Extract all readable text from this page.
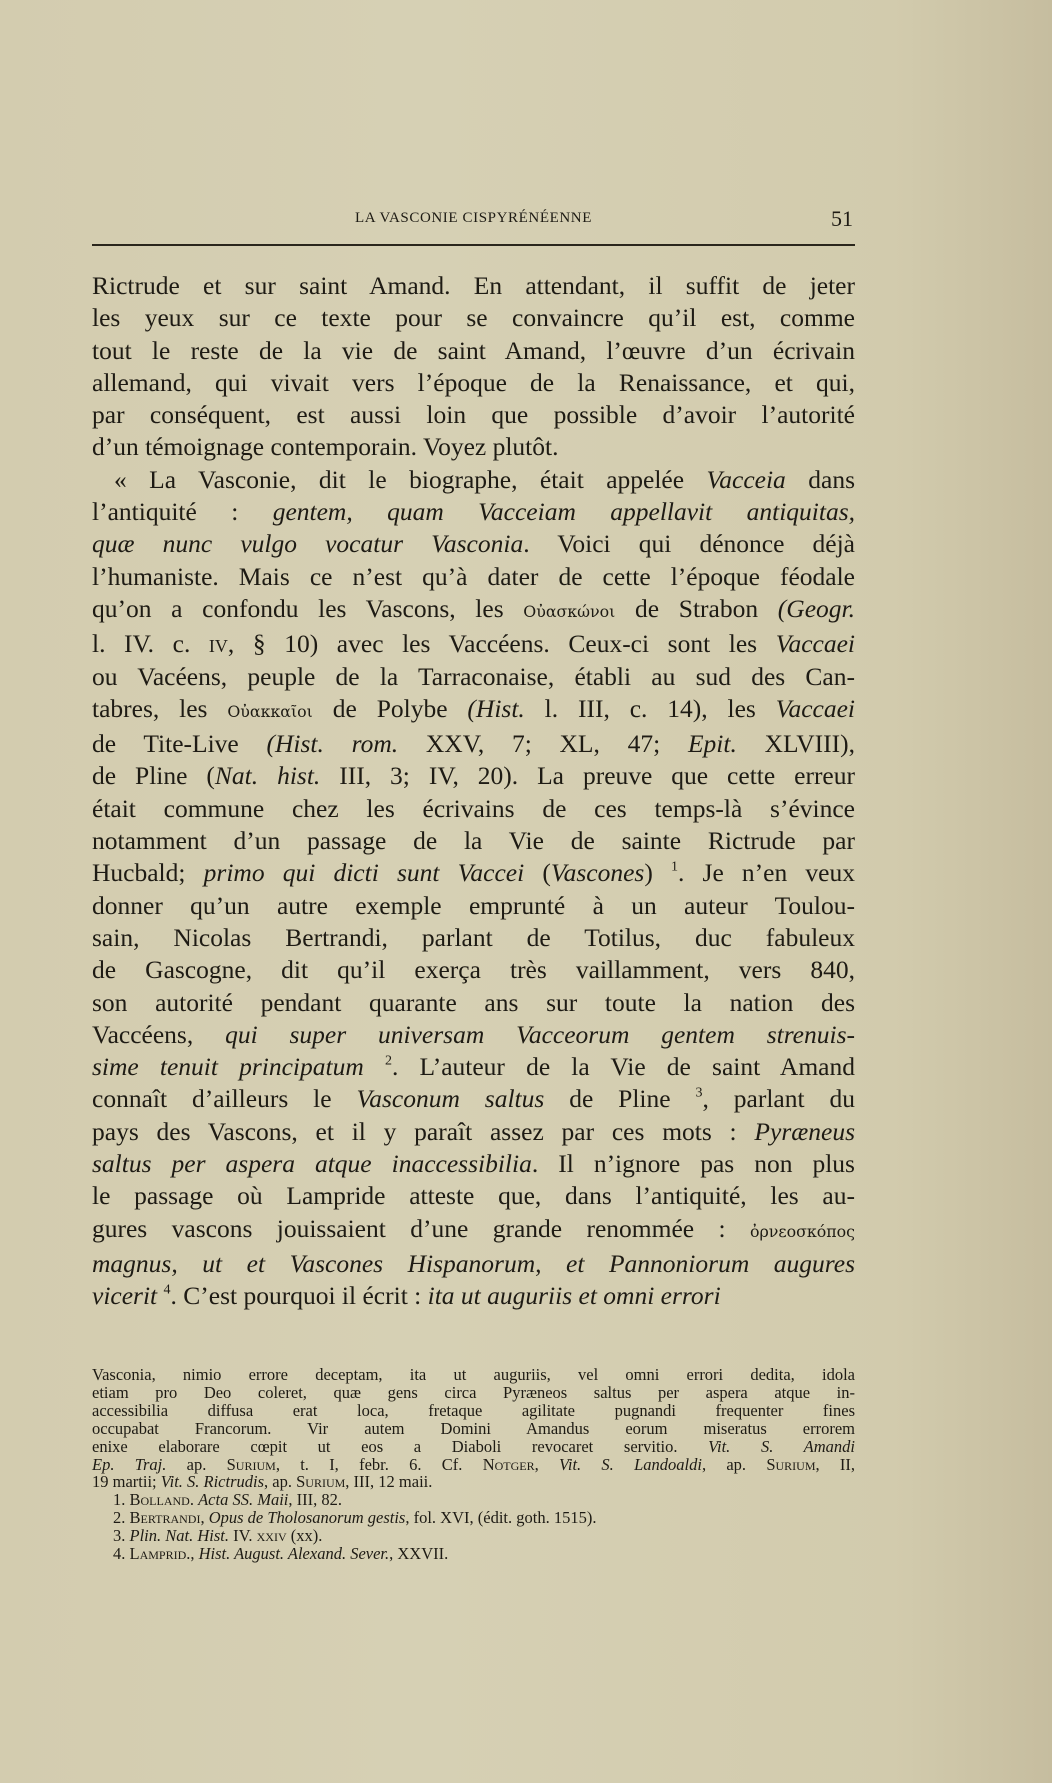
LA VASCONIE CISPYRÉNÉENNE	51
Rictrude et sur saint Amand. En attendant, il suffit de jeter
les yeux sur ce texte pour se convaincre qu’il est, comme
tout le reste de la vie de saint Amand, l’œuvre d’un écrivain
allemand, qui vivait vers l’époque de la Renaissance, et qui,
par conséquent, est aussi loin que possible d’avoir l’autorité
d’un témoignage contemporain. Voyez plutôt.
« La Vasconie, dit le biographe, était appelée Vacceia dans
l’antiquité : gentem, quam Vacceiam appellavit antiquitas,
quæ nunc vulgo vocatur Vasconia. Voici qui dénonce déjà
l’humaniste. Mais ce n’est qu’à dater de cette l’époque féodale
qu’on a confondu les Vascons, les Οὐασκώνοι de Strabon (Geogr.
l. IV. c. iv, § 10) avec les Vaccéens. Ceux-ci sont les Vaccaei
ou Vacéens, peuple de la Tarraconaise, établi au sud des Can-
tabres, les Οὐακκαῖοι de Polybe (Hist. l. III, c. 14), les Vaccaei
de Tite-Live (Hist. rom. XXV, 7; XL, 47; Epit. XLVIII),
de Pline (Nat. hist. III, 3; IV, 20). La preuve que cette erreur
était commune chez les écrivains de ces temps-là s’évince
notamment d’un passage de la Vie de sainte Rictrude par
Hucbald; primo qui dicti sunt Vaccei (Vascones) $^1$. Je n’en veux
donner qu’un autre exemple emprunté à un auteur Toulou-
sain, Nicolas Bertrandi, parlant de Totilus, duc fabuleux
de Gascogne, dit qu’il exerça très vaillamment, vers 840,
son autorité pendant quarante ans sur toute la nation des
Vaccéens, qui super universam Vacceorum gentem strenuis-
sime tenuit principatum $^2$. L’auteur de la Vie de saint Amand
connaît d’ailleurs le Vasconum saltus de Pline $^3$, parlant du
pays des Vascons, et il y paraît assez par ces mots : Pyræneus
saltus per aspera atque inaccessibilia. Il n’ignore pas non plus
le passage où Lampride atteste que, dans l’antiquité, les au-
gures vascons jouissaient d’une grande renommée : ὀρνεοσκόπος
magnus, ut et Vascones Hispanorum, et Pannoniorum augures
vicerit $^4$. C’est pourquoi il écrit : ita ut auguriis et omni errori
Vasconia, nimio errore deceptam, ita ut auguriis, vel omni errori dedita, idola
etiam pro Deo coleret, quæ gens circa Pyræneos saltus per aspera atque in-
accessibilia diffusa erat loca, fretaque agilitate pugnandi frequenter fines
occupabat Francorum. Vir autem Domini Amandus eorum miseratus errorem
enixe elaborare cœpit ut eos a Diaboli revocaret servitio. Vit. S. Amandi
Ep. Traj. ap. Surium, t. I, febr. 6. Cf. Notger, Vit. S. Landoaldi, ap. Surium, II,
19 martii; Vit. S. Rictrudis, ap. Surium, III, 12 maii.
1. Bolland. Acta SS. Maii, III, 82.
2. Bertrandi, Opus de Tholosanorum gestis, fol. XVI, (édit. goth. 1515).
3. Plin. Nat. Hist. IV. xxiv (xx).
4. Lamprid., Hist. August. Alexand. Sever., XXVII.
